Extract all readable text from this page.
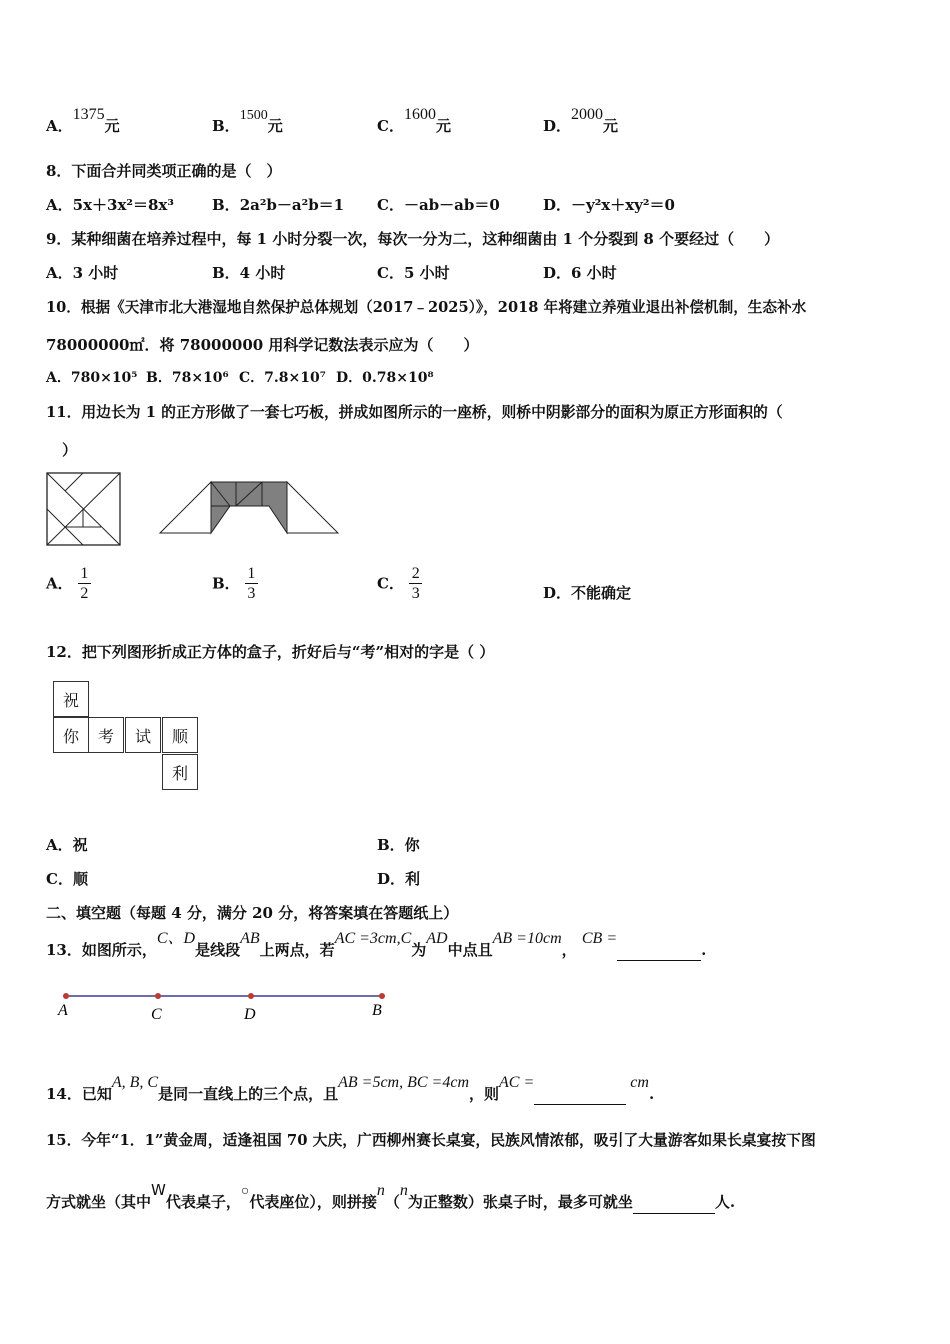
A．1375元	B．1500元	C．1600元	D．2000元
8．下面合并同类项正确的是（　）
A．5x＋3x²＝8x³	B．2a²b－a²b＝1 C．－ab－ab＝0	D．－y²x＋xy²＝0
9．某种细菌在培养过程中，每 1 小时分裂一次，每次一分为二，这种细菌由 1 个分裂到 8 个要经过（　　）
A．3 小时	B．4 小时	C．5 小时	D．6 小时
10．根据《天津市北大港湿地自然保护总体规划（2017﹣2025）》，2018 年将建立养殖业退出补偿机制，生态补水
78000000㎡．将 78000000 用科学记数法表示应为（　　）
A．780×10⁵ B．78×10⁶ C．7.8×10⁷ D．0.78×10⁸
11．用边长为 1 的正方形做了一套七巧板，拼成如图所示的一座桥，则桥中阴影部分的面积为原正方形面积的（
）
A． $\frac{1}{2}$	B． $\frac{1}{3}$	C． $\frac{2}{3}$	D．不能确定
12．把下列图形折成正方体的盒子，折好后与“考”相对的字是（ ）
祝
你	考	试	顺
利
A．祝	B．你
C．顺	D．利
二、填空题（每题 4 分，满分 20 分，将答案填在答题纸上）
13．如图所示，C、D是线段AB上两点，若AC =3cm,C为AD中点且AB =10cm， CB =.
A	C	D	B
14．已知A, B, C是同一直线上的三个点，且AB =5cm, BC =4cm，则AC =	cm.
15．今年“1．1”黄金周，适逢祖国 70 大庆，广西柳州赛长桌宴，民族风情浓郁，吸引了大量游客如果长桌宴按下图
方式就坐（其中W代表桌子，○代表座位），则拼接n（n为正整数）张桌子时，最多可就坐	人.
